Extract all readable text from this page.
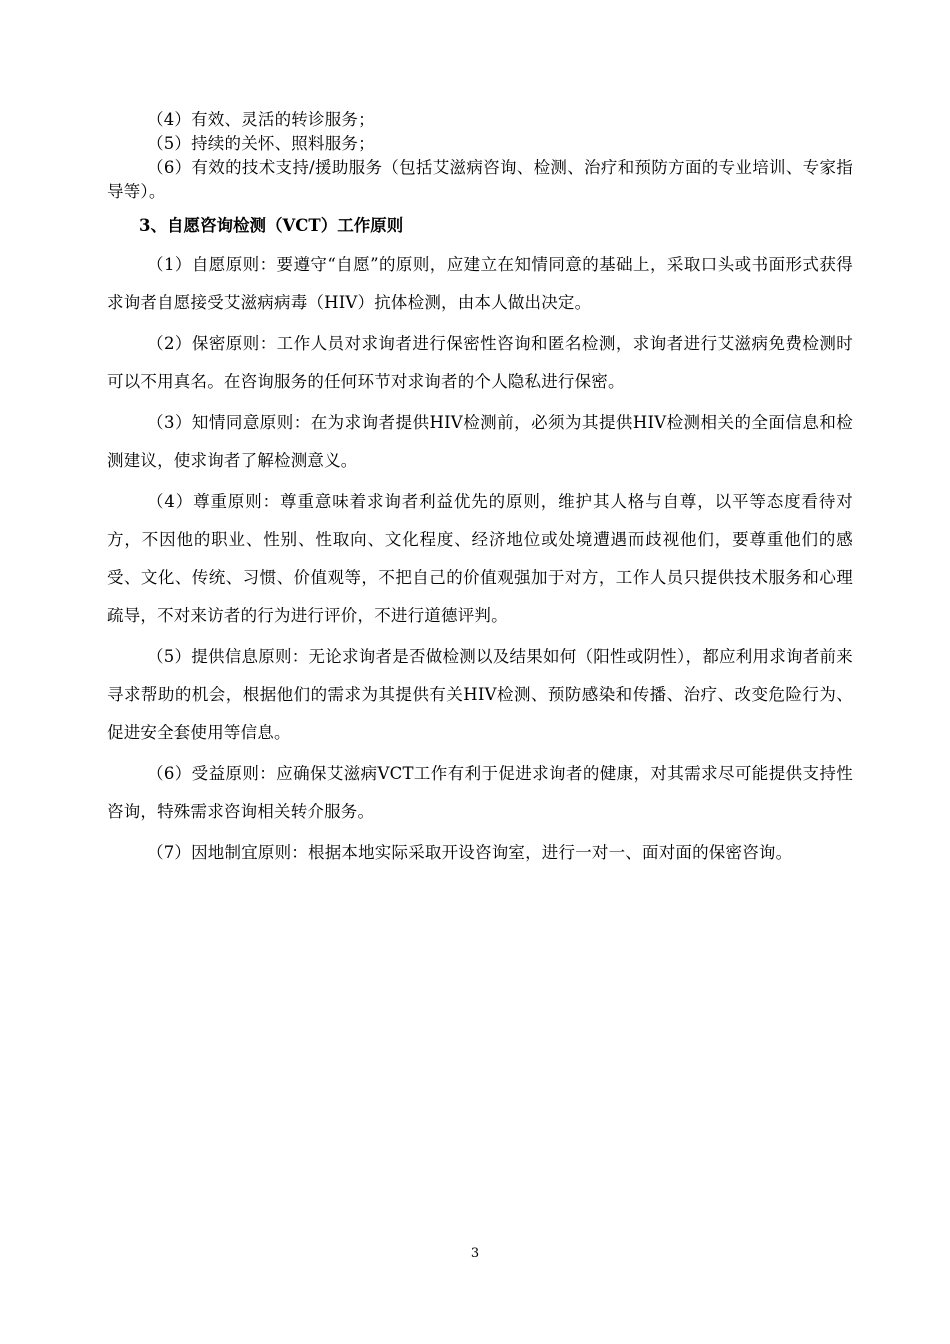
（4）有效、灵活的转诊服务；

（5）持续的关怀、照料服务；

（6）有效的技术支持/援助服务（包括艾滋病咨询、检测、治疗和预防方面的专业培训、专家指导等）。

3、自愿咨询检测（VCT）工作原则

（1）自愿原则：要遵守“自愿”的原则，应建立在知情同意的基础上，采取口头或书面形式获得求询者自愿接受艾滋病病毒（HIV）抗体检测，由本人做出决定。

（2）保密原则：工作人员对求询者进行保密性咨询和匿名检测，求询者进行艾滋病免费检测时可以不用真名。在咨询服务的任何环节对求询者的个人隐私进行保密。

（3）知情同意原则：在为求询者提供HIV检测前，必须为其提供HIV检测相关的全面信息和检测建议，使求询者了解检测意义。

（4）尊重原则：尊重意味着求询者利益优先的原则，维护其人格与自尊，以平等态度看待对方，不因他的职业、性别、性取向、文化程度、经济地位或处境遭遇而歧视他们，要尊重他们的感受、文化、传统、习惯、价值观等，不把自己的价值观强加于对方，工作人员只提供技术服务和心理疏导，不对来访者的行为进行评价，不进行道德评判。

（5）提供信息原则：无论求询者是否做检测以及结果如何（阳性或阴性），都应利用求询者前来寻求帮助的机会，根据他们的需求为其提供有关HIV检测、预防感染和传播、治疗、改变危险行为、促进安全套使用等信息。

（6）受益原则：应确保艾滋病VCT工作有利于促进求询者的健康，对其需求尽可能提供支持性咨询，特殊需求咨询相关转介服务。

（7）因地制宜原则：根据本地实际采取开设咨询室，进行一对一、面对面的保密咨询。

3
